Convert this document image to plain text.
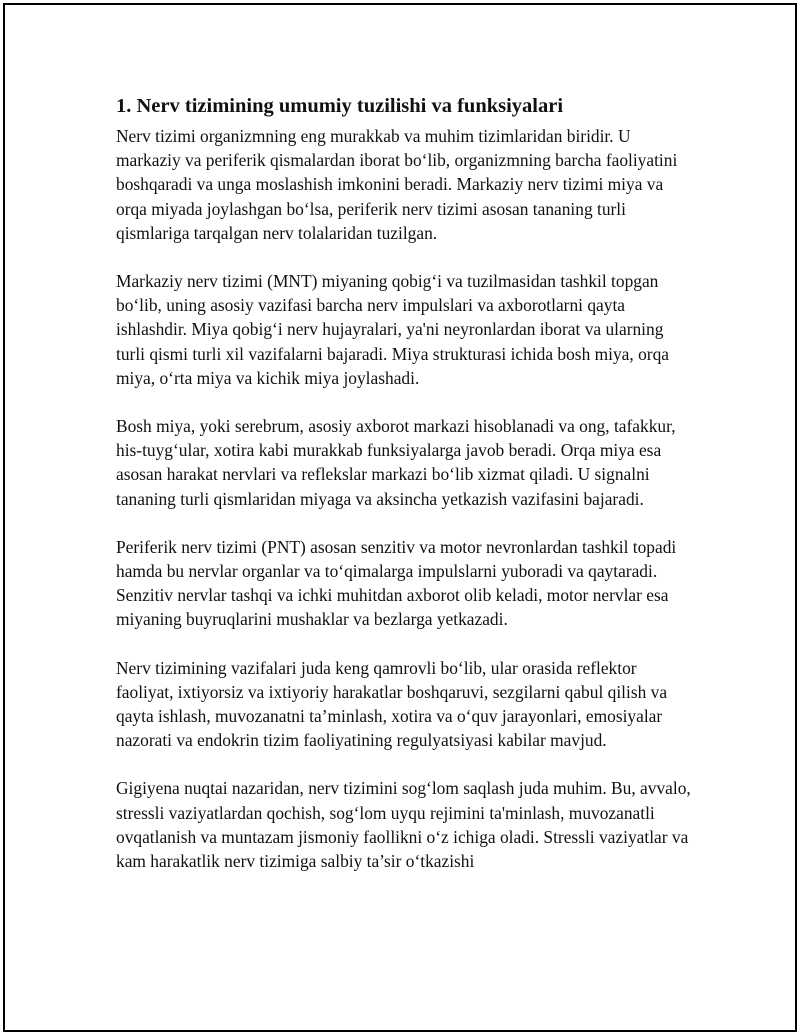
1. Nerv tizimining umumiy tuzilishi va funksiyalari

Nerv tizimi organizmning eng murakkab va muhim tizimlaridan biridir. U markaziy va periferik qismalardan iborat bo‘lib, organizmning barcha faoliyatini boshqaradi va unga moslashish imkonini beradi. Markaziy nerv tizimi miya va orqa miyada joylashgan bo‘lsa, periferik nerv tizimi asosan tananing turli qismlariga tarqalgan nerv tolalaridan tuzilgan.

Markaziy nerv tizimi (MNT) miyaning qobig‘i va tuzilmasidan tashkil topgan bo‘lib, uning asosiy vazifasi barcha nerv impulslari va axborotlarni qayta ishlashdir. Miya qobig‘i nerv hujayralari, ya'ni neyronlardan iborat va ularning turli qismi turli xil vazifalarni bajaradi. Miya strukturasi ichida bosh miya, orqa miya, o‘rta miya va kichik miya joylashadi.

Bosh miya, yoki serebrum, asosiy axborot markazi hisoblanadi va ong, tafakkur, his-tuyg‘ular, xotira kabi murakkab funksiyalarga javob beradi. Orqa miya esa asosan harakat nervlari va reflekslar markazi bo‘lib xizmat qiladi. U signalni tananing turli qismlaridan miyaga va aksincha yetkazish vazifasini bajaradi.

Periferik nerv tizimi (PNT) asosan senzitiv va motor nevronlardan tashkil topadi hamda bu nervlar organlar va to‘qimalarga impulslarni yuboradi va qaytaradi. Senzitiv nervlar tashqi va ichki muhitdan axborot olib keladi, motor nervlar esa miyaning buyruqlarini mushaklar va bezlarga yetkazadi.

Nerv tizimining vazifalari juda keng qamrovli bo‘lib, ular orasida reflektor faoliyat, ixtiyorsiz va ixtiyoriy harakatlar boshqaruvi, sezgilarni qabul qilish va qayta ishlash, muvozanatni ta’minlash, xotira va o‘quv jarayonlari, emosiyalar nazorati va endokrin tizim faoliyatining regulyatsiyasi kabilar mavjud.

Gigiyena nuqtai nazaridan, nerv tizimini sog‘lom saqlash juda muhim. Bu, avvalo, stressli vaziyatlardan qochish, sog‘lom uyqu rejimini ta'minlash, muvozanatli ovqatlanish va muntazam jismoniy faollikni o‘z ichiga oladi. Stressli vaziyatlar va kam harakatlik nerv tizimiga salbiy ta’sir o‘tkazishi
